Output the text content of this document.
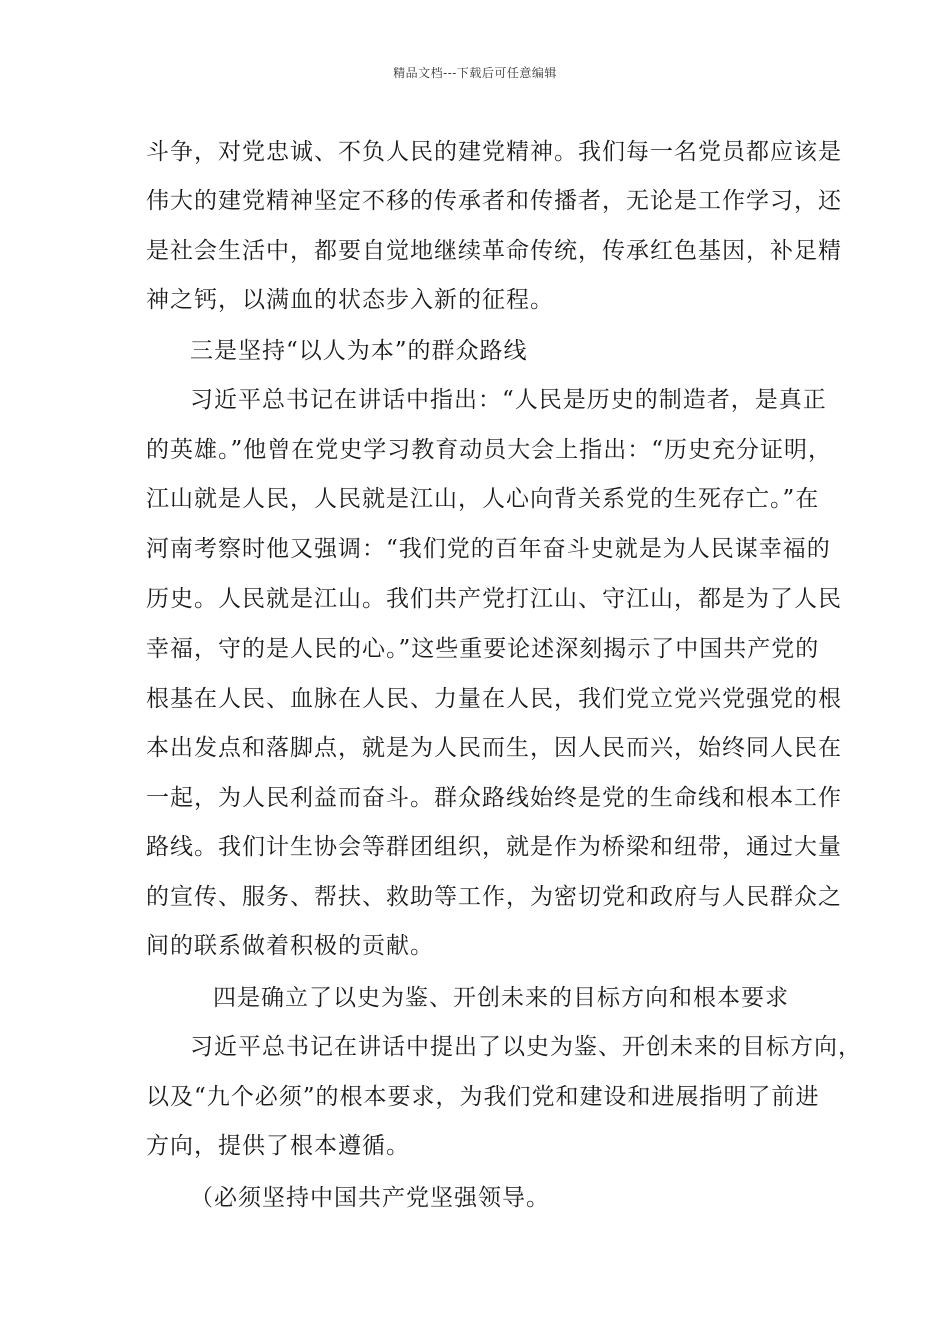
精品文档---下载后可任意编辑
斗争，对党忠诚、不负人民的建党精神。我们每一名党员都应该是
伟大的建党精神坚定不移的传承者和传播者，无论是工作学习，还
是社会生活中，都要自觉地继续革命传统，传承红色基因，补足精
神之钙，以满血的状态步入新的征程。
三是坚持“以人为本”的群众路线
习近平总书记在讲话中指出：“人民是历史的制造者，是真正
的英雄。”他曾在党史学习教育动员大会上指出：“历史充分证明，
江山就是人民，人民就是江山，人心向背关系党的生死存亡。”在
河南考察时他又强调：“我们党的百年奋斗史就是为人民谋幸福的
历史。人民就是江山。我们共产党打江山、守江山，都是为了人民
幸福，守的是人民的心。”这些重要论述深刻揭示了中国共产党的
根基在人民、血脉在人民、力量在人民，我们党立党兴党强党的根
本出发点和落脚点，就是为人民而生，因人民而兴，始终同人民在
一起，为人民利益而奋斗。群众路线始终是党的生命线和根本工作
路线。我们计生协会等群团组织，就是作为桥梁和纽带，通过大量
的宣传、服务、帮扶、救助等工作，为密切党和政府与人民群众之
间的联系做着积极的贡献。
四是确立了以史为鉴、开创未来的目标方向和根本要求
习近平总书记在讲话中提出了以史为鉴、开创未来的目标方向，
以及“九个必须”的根本要求，为我们党和建设和进展指明了前进
方向，提供了根本遵循。
（必须坚持中国共产党坚强领导。
